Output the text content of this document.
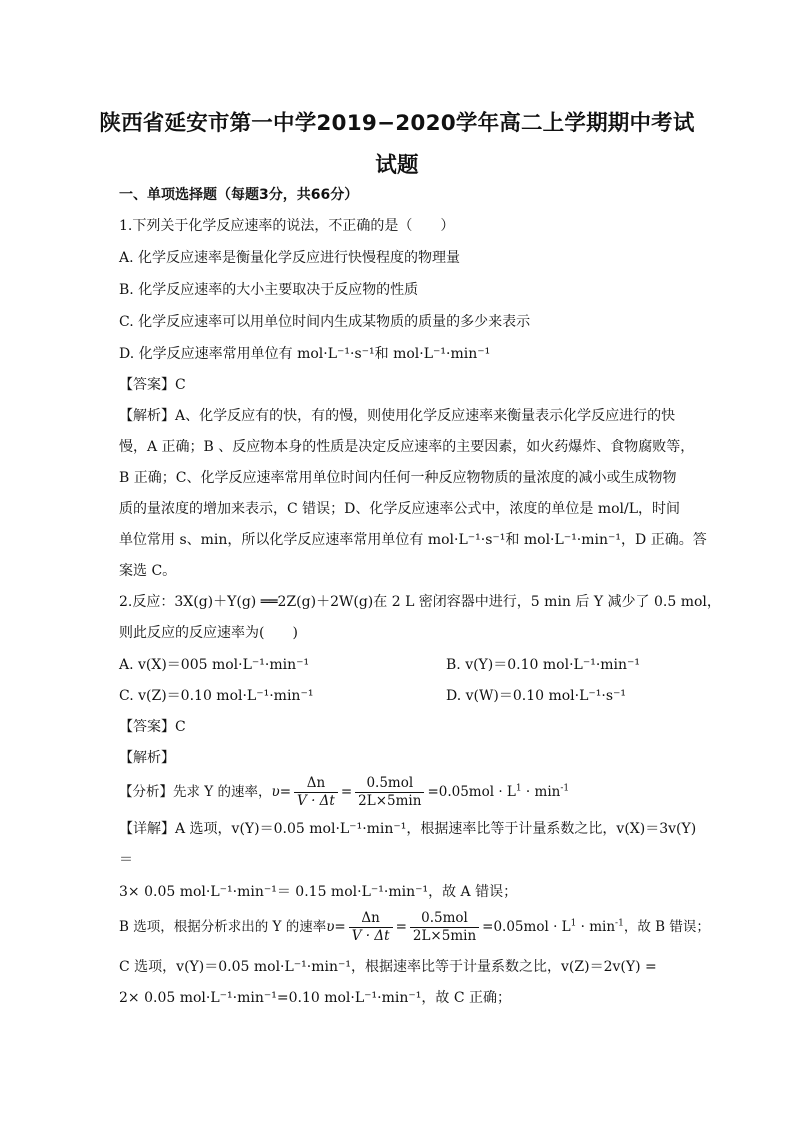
陕西省延安市第一中学2019−2020学年高二上学期期中考试
试题
一、单项选择题（每题3分，共66分）
1.下列关于化学反应速率的说法，不正确的是（　　）
A. 化学反应速率是衡量化学反应进行快慢程度的物理量
B. 化学反应速率的大小主要取决于反应物的性质
C. 化学反应速率可以用单位时间内生成某物质的质量的多少来表示
D. 化学反应速率常用单位有 mol·L⁻¹·s⁻¹和 mol·L⁻¹·min⁻¹
【答案】C
【解析】A、化学反应有的快，有的慢，则使用化学反应速率来衡量表示化学反应进行的快
慢，A 正确；B 、反应物本身的性质是决定反应速率的主要因素，如火药爆炸、食物腐败等，
B 正确；C、化学反应速率常用单位时间内任何一种反应物物质的量浓度的减小或生成物物
质的量浓度的增加来表示，C 错误；D、化学反应速率公式中，浓度的单位是 mol/L，时间
单位常用 s、min，所以化学反应速率常用单位有 mol·L⁻¹·s⁻¹和 mol·L⁻¹·min⁻¹，D 正确。答
案选 C。
2.反应：3X(g)＋Y(g) ══2Z(g)＋2W(g)在 2 L 密闭容器中进行，5 min 后 Y 减少了 0.5 mol，
则此反应的反应速率为(　　)
A. v(X)＝005 mol·L⁻¹·min⁻¹	B. v(Y)＝0.10 mol·L⁻¹·min⁻¹
C. v(Z)＝0.10 mol·L⁻¹·min⁻¹	D. v(W)＝0.10 mol·L⁻¹·s⁻¹
【答案】C
【解析】
【分析】先求 Y 的速率，$\upsilon= \frac{\Delta n}{V \cdot \Delta t} = \frac{\text{0.5mol}}{2L\times 5\min} =0.05mol \cdot L^1 \cdot \min^{-1}$
【详解】A 选项，v(Y)＝0.05 mol·L⁻¹·min⁻¹，根据速率比等于计量系数之比，v(X)＝3v(Y)
＝
3× 0.05 mol·L⁻¹·min⁻¹＝ 0.15 mol·L⁻¹·min⁻¹，故 A 错误；
B 选项，根据分析求出的 Y 的速率$\upsilon= \frac{\Delta n}{V \cdot \Delta t} = \frac{\text{0.5mol}}{2L\times 5\min} =0.05mol \cdot L^1 \cdot \min^{-1}$，故 B 错误；
C 选项，v(Y)＝0.05 mol·L⁻¹·min⁻¹，根据速率比等于计量系数之比，v(Z)＝2v(Y) =
2× 0.05 mol·L⁻¹·min⁻¹=0.10 mol·L⁻¹·min⁻¹，故 C 正确；
